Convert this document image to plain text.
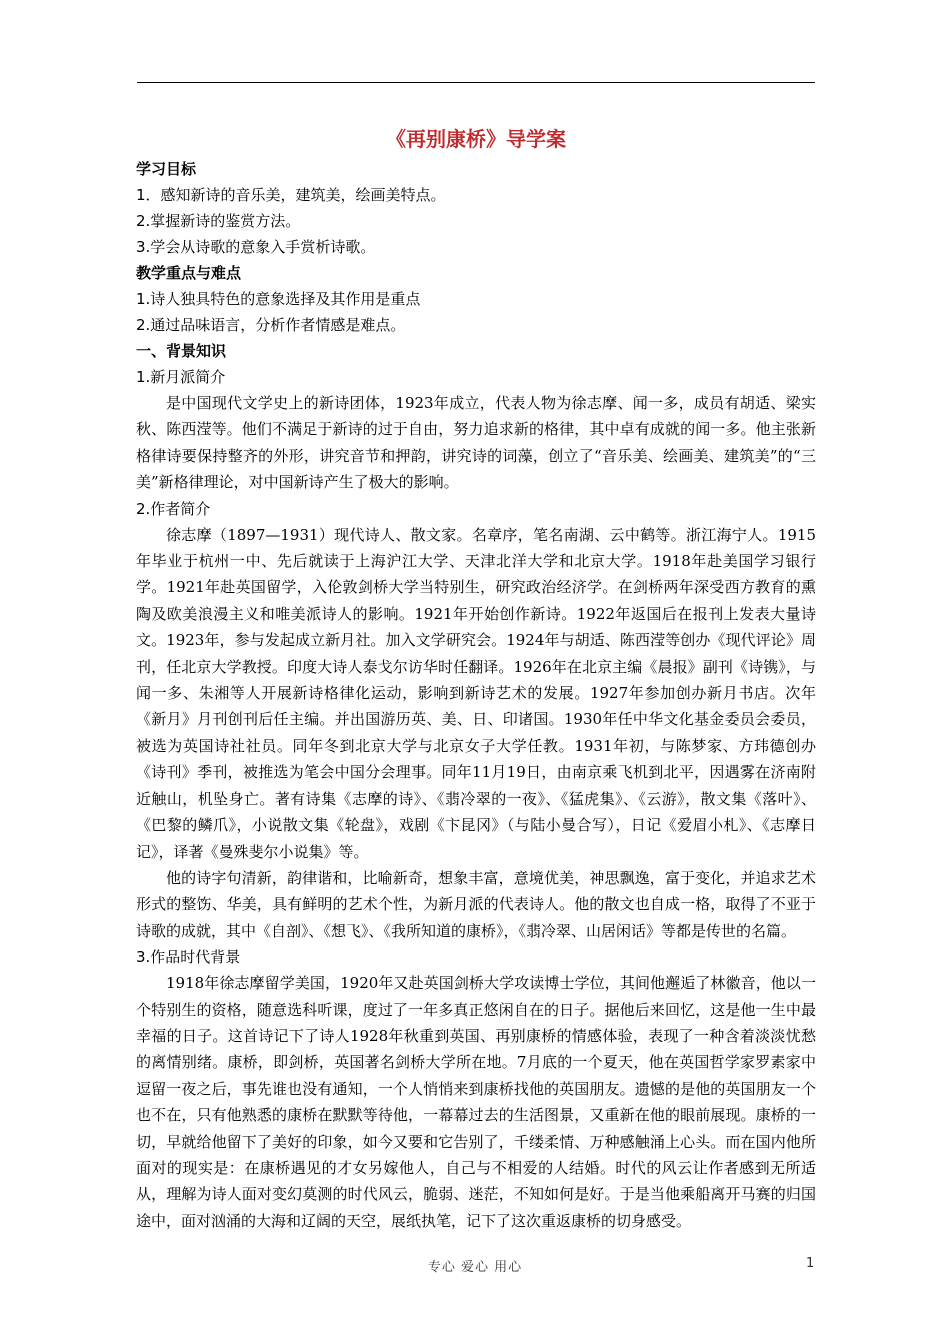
《再别康桥》导学案
学习目标
1．感知新诗的音乐美，建筑美，绘画美特点。
2.掌握新诗的鉴赏方法。
3.学会从诗歌的意象入手赏析诗歌。
教学重点与难点
1.诗人独具特色的意象选择及其作用是重点
2.通过品味语言，分析作者情感是难点。
一、背景知识
1.新月派简介

是中国现代文学史上的新诗团体，1923年成立，代表人物为徐志摩、闻一多，成员有胡适、梁实秋、陈西滢等。他们不满足于新诗的过于自由，努力追求新的格律，其中卓有成就的闻一多。他主张新格律诗要保持整齐的外形，讲究音节和押韵，讲究诗的词藻，创立了“音乐美、绘画美、建筑美”的“三美”新格律理论，对中国新诗产生了极大的影响。

2.作者简介

徐志摩（1897—1931）现代诗人、散文家。名章序，笔名南湖、云中鹤等。浙江海宁人。1915年毕业于杭州一中、先后就读于上海沪江大学、天津北洋大学和北京大学。1918年赴美国学习银行学。1921年赴英国留学，入伦敦剑桥大学当特别生，研究政治经济学。在剑桥两年深受西方教育的熏陶及欧美浪漫主义和唯美派诗人的影响。1921年开始创作新诗。1922年返国后在报刊上发表大量诗文。1923年，参与发起成立新月社。加入文学研究会。1924年与胡适、陈西滢等创办《现代评论》周刊，任北京大学教授。印度大诗人泰戈尔访华时任翻译。1926年在北京主编《晨报》副刊《诗镌》，与闻一多、朱湘等人开展新诗格律化运动，影响到新诗艺术的发展。1927年参加创办新月书店。次年《新月》月刊创刊后任主编。并出国游历英、美、日、印诸国。1930年任中华文化基金委员会委员，被选为英国诗社社员。同年冬到北京大学与北京女子大学任教。1931年初，与陈梦家、方玮德创办《诗刊》季刊，被推选为笔会中国分会理事。同年11月19日，由南京乘飞机到北平，因遇雾在济南附近触山，机坠身亡。著有诗集《志摩的诗》、《翡冷翠的一夜》、《猛虎集》、《云游》，散文集《落叶》、《巴黎的鳞爪》，小说散文集《轮盘》，戏剧《卞昆冈》（与陆小曼合写），日记《爱眉小札》、《志摩日记》，译著《曼殊斐尔小说集》等。

他的诗字句清新，韵律谐和，比喻新奇，想象丰富，意境优美，神思飘逸，富于变化，并追求艺术形式的整饬、华美，具有鲜明的艺术个性，为新月派的代表诗人。他的散文也自成一格，取得了不亚于诗歌的成就，其中《自剖》、《想飞》、《我所知道的康桥》，《翡冷翠、山居闲话》等都是传世的名篇。

3.作品时代背景

1918年徐志摩留学美国，1920年又赴英国剑桥大学攻读博士学位，其间他邂逅了林徽音，他以一个特别生的资格，随意选科听课，度过了一年多真正悠闲自在的日子。据他后来回忆，这是他一生中最幸福的日子。这首诗记下了诗人1928年秋重到英国、再别康桥的情感体验，表现了一种含着淡淡忧愁的离情别绪。康桥，即剑桥，英国著名剑桥大学所在地。7月底的一个夏天，他在英国哲学家罗素家中逗留一夜之后，事先谁也没有通知，一个人悄悄来到康桥找他的英国朋友。遗憾的是他的英国朋友一个也不在，只有他熟悉的康桥在默默等待他，一幕幕过去的生活图景，又重新在他的眼前展现。康桥的一切，早就给他留下了美好的印象，如今又要和它告别了，千缕柔情、万种感触涌上心头。而在国内他所面对的现实是：在康桥遇见的才女另嫁他人，自己与不相爱的人结婚。时代的风云让作者感到无所适从，理解为诗人面对变幻莫测的时代风云，脆弱、迷茫，不知如何是好。于是当他乘船离开马赛的归国途中，面对汹涌的大海和辽阔的天空，展纸执笔，记下了这次重返康桥的切身感受。

专心 爱心 用心	1
